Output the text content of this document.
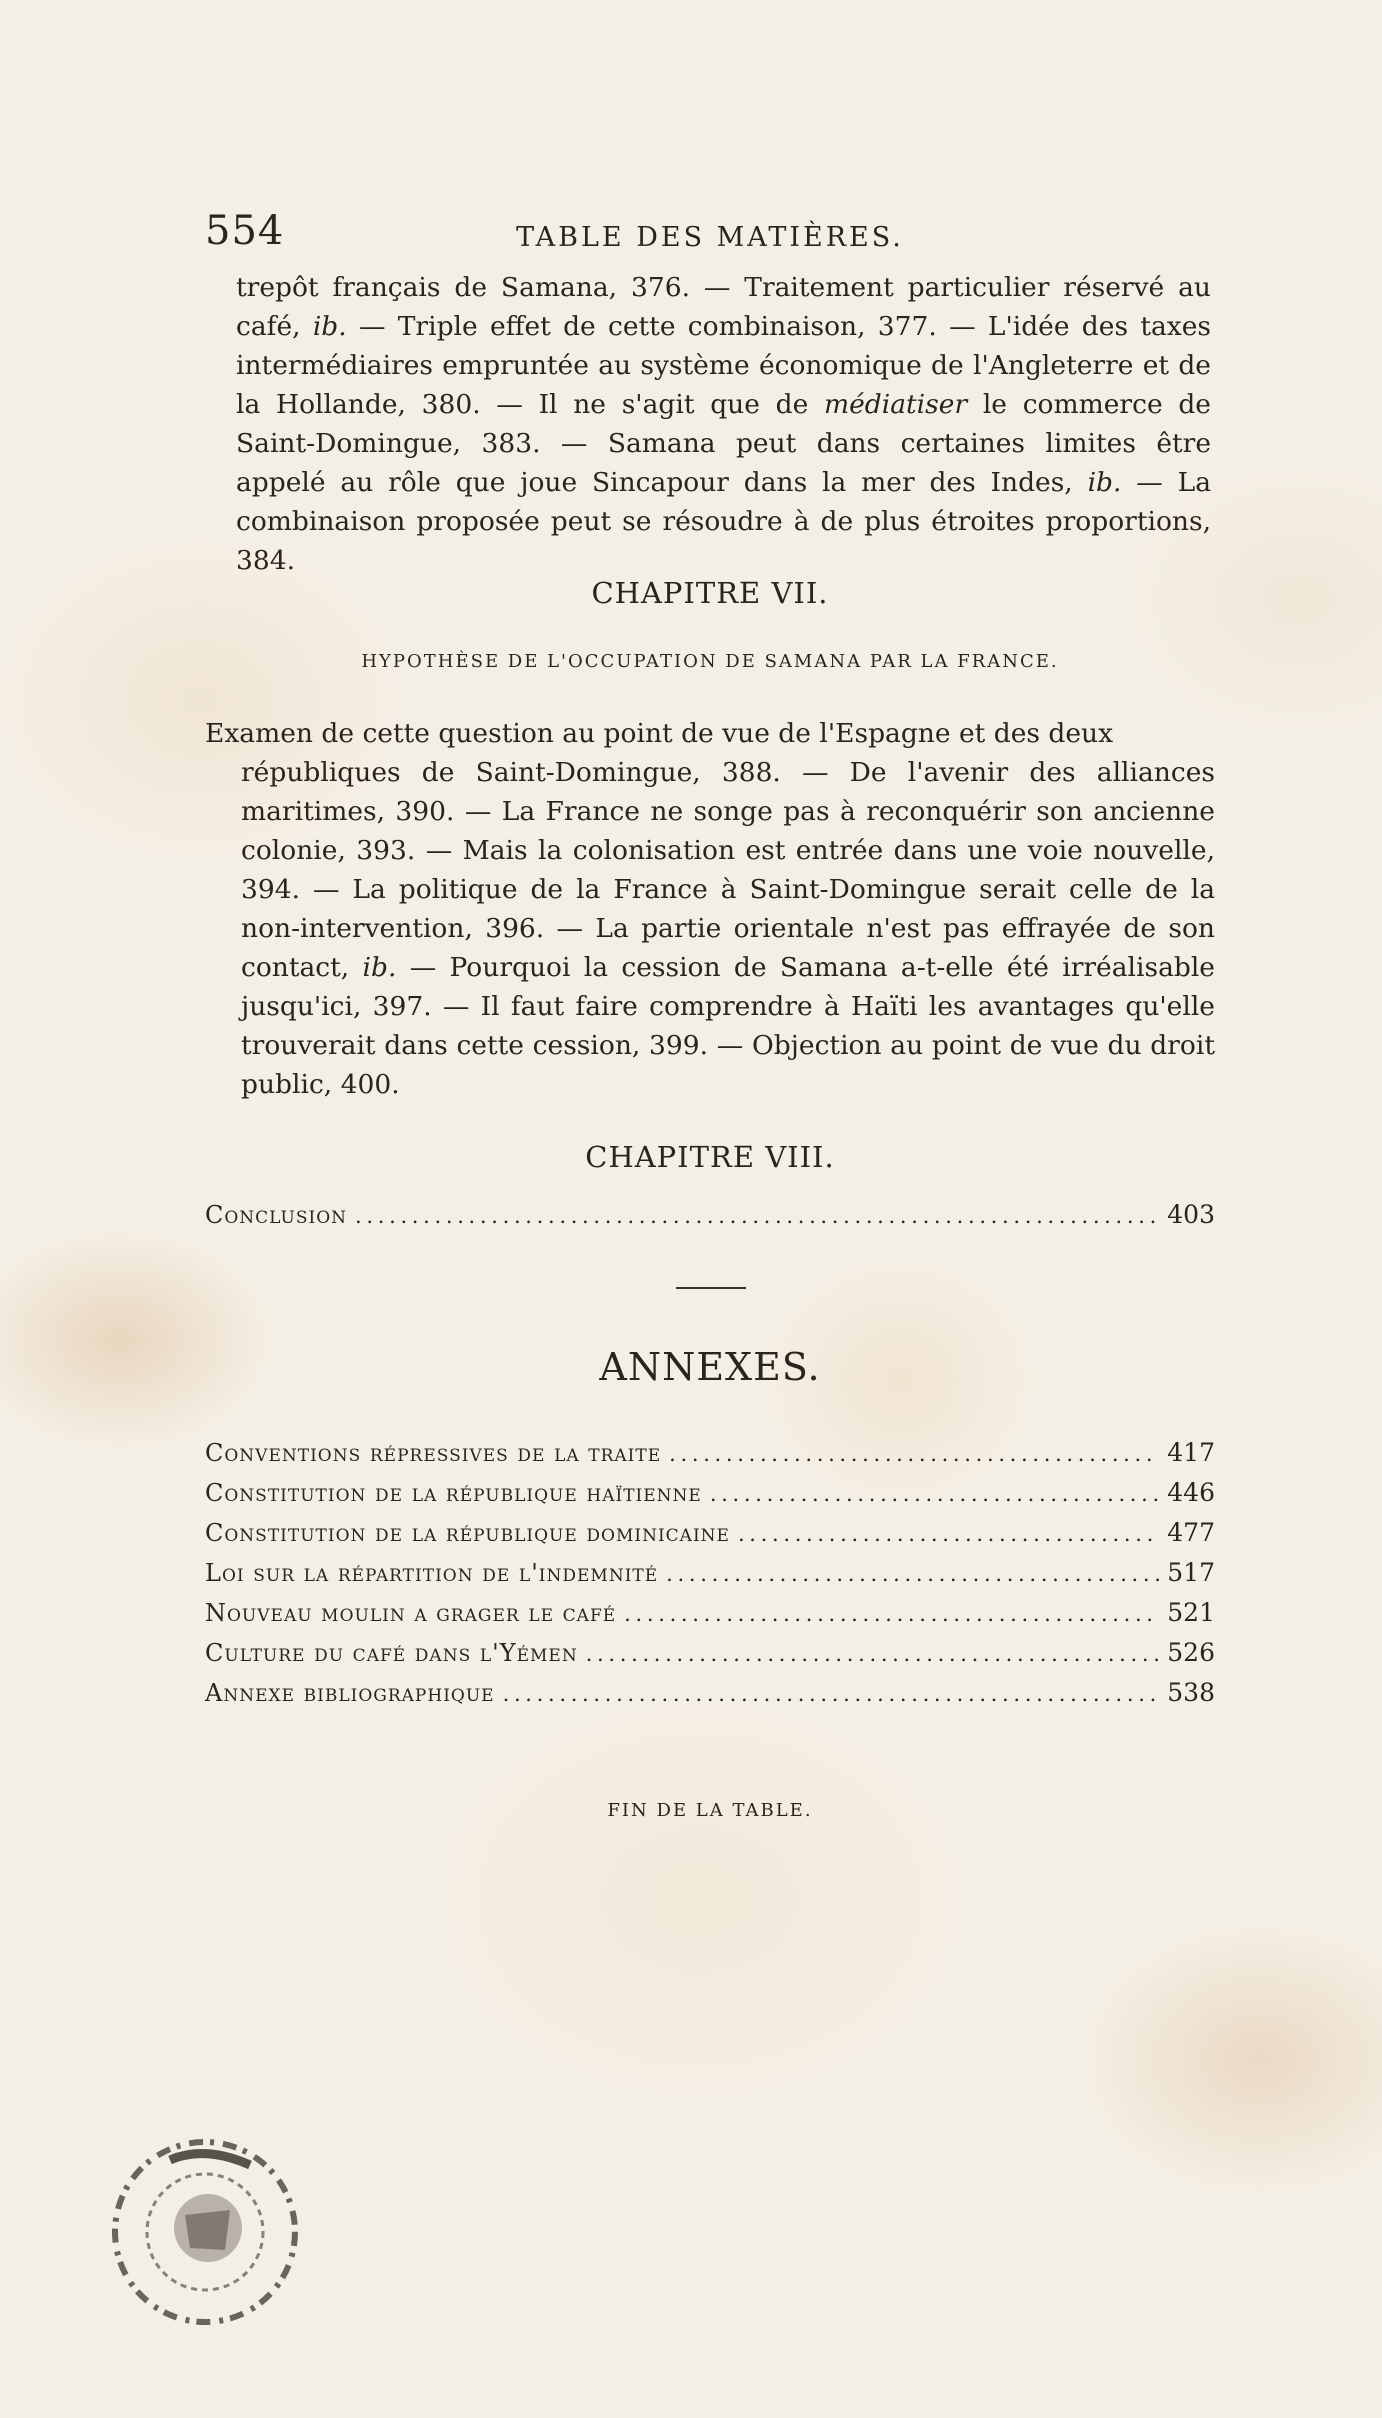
554	TABLE DES MATIÈRES.
trepôt français de Samana, 376. — Traitement particulier réservé au café, ib. — Triple effet de cette combinaison, 377. — L'idée des taxes intermédiaires empruntée au système économique de l'Angleterre et de la Hollande, 380. — Il ne s'agit que de médiatiser le commerce de Saint-Domingue, 383. — Samana peut dans certaines limites être appelé au rôle que joue Sincapour dans la mer des Indes, ib. — La combinaison proposée peut se résoudre à de plus étroites proportions, 384.
CHAPITRE VII.
HYPOTHÈSE DE L'OCCUPATION DE SAMANA PAR LA FRANCE.
Examen de cette question au point de vue de l'Espagne et des deux
républiques de Saint-Domingue, 388. — De l'avenir des alliances maritimes, 390. — La France ne songe pas à reconquérir son ancienne colonie, 393. — Mais la colonisation est entrée dans une voie nouvelle, 394. — La politique de la France à Saint-Domingue serait celle de la non-intervention, 396. — La partie orientale n'est pas effrayée de son contact, ib. — Pourquoi la cession de Samana a-t-elle été irréalisable jusqu'ici, 397. — Il faut faire comprendre à Haïti les avantages qu'elle trouverait dans cette cession, 399. — Objection au point de vue du droit public, 400.
CHAPITRE VIII.
Conclusion . . .	403
ANNEXES.
Conventions répressives de la traite . . .	417
Constitution de la république haïtienne . . .	446
Constitution de la république dominicaine . . .	477
Loi sur la répartition de l'indemnité . . .	517
Nouveau moulin a grager le café . . .	521
Culture du café dans l'Yémen . . .	526
Annexe bibliographique . . .	538
FIN DE LA TABLE.
